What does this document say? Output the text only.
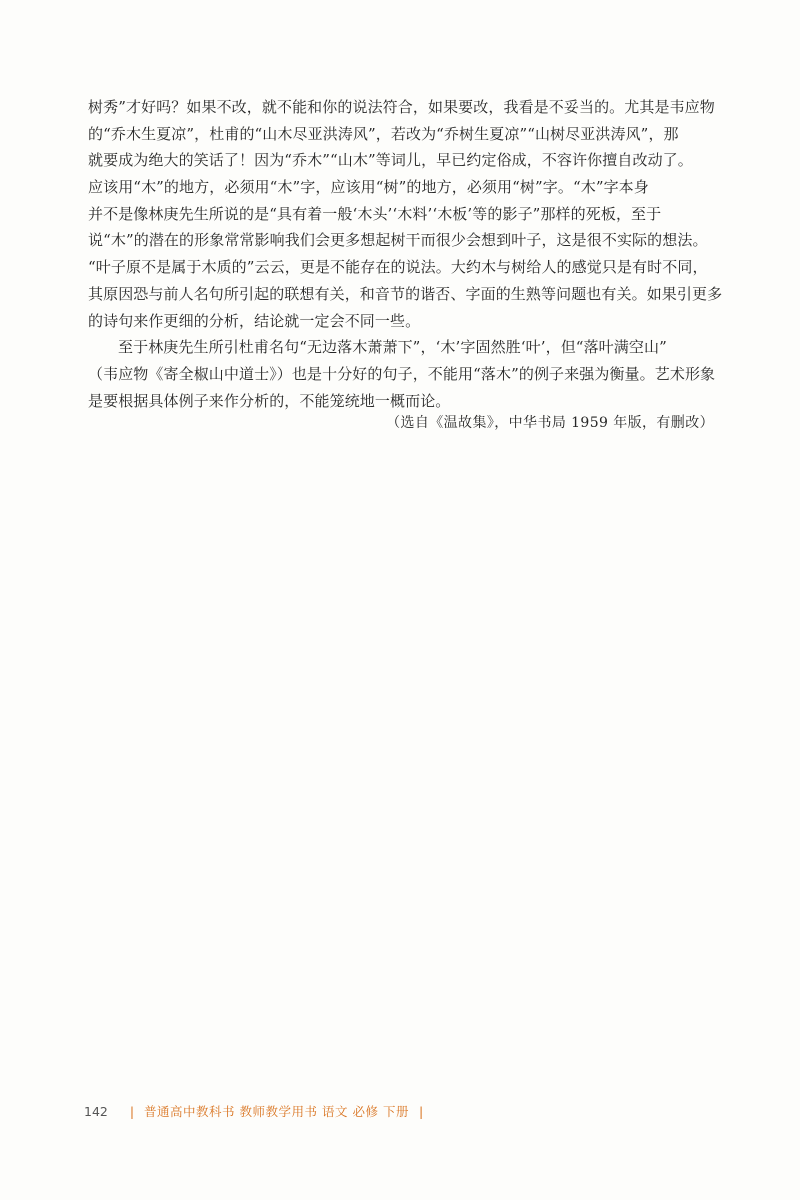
树秀”才好吗？如果不改，就不能和你的说法符合，如果要改，我看是不妥当的。尤其是韦应物
的“乔木生夏凉”，杜甫的“山木尽亚洪涛风”，若改为“乔树生夏凉”“山树尽亚洪涛风”，那
就要成为绝大的笑话了！因为“乔木”“山木”等词儿，早已约定俗成，不容许你擅自改动了。
应该用“木”的地方，必须用“木”字，应该用“树”的地方，必须用“树”字。“木”字本身
并不是像林庚先生所说的是“具有着一般‘木头’‘木料’‘木板’等的影子”那样的死板，至于
说“木”的潜在的形象常常影响我们会更多想起树干而很少会想到叶子，这是很不实际的想法。
“叶子原不是属于木质的”云云，更是不能存在的说法。大约木与树给人的感觉只是有时不同，
其原因恐与前人名句所引起的联想有关，和音节的谐否、字面的生熟等问题也有关。如果引更多
的诗句来作更细的分析，结论就一定会不同一些。

至于林庚先生所引杜甫名句“无边落木萧萧下”，‘木’字固然胜‘叶’，但“落叶满空山”
（韦应物《寄全椒山中道士》）也是十分好的句子，不能用“落木”的例子来强为衡量。艺术形象
是要根据具体例子来作分析的，不能笼统地一概而论。

（选自《温故集》，中华书局 1959 年版，有删改）
142 | 普通高中教科书 教师教学用书 语文 必修 下册 |
